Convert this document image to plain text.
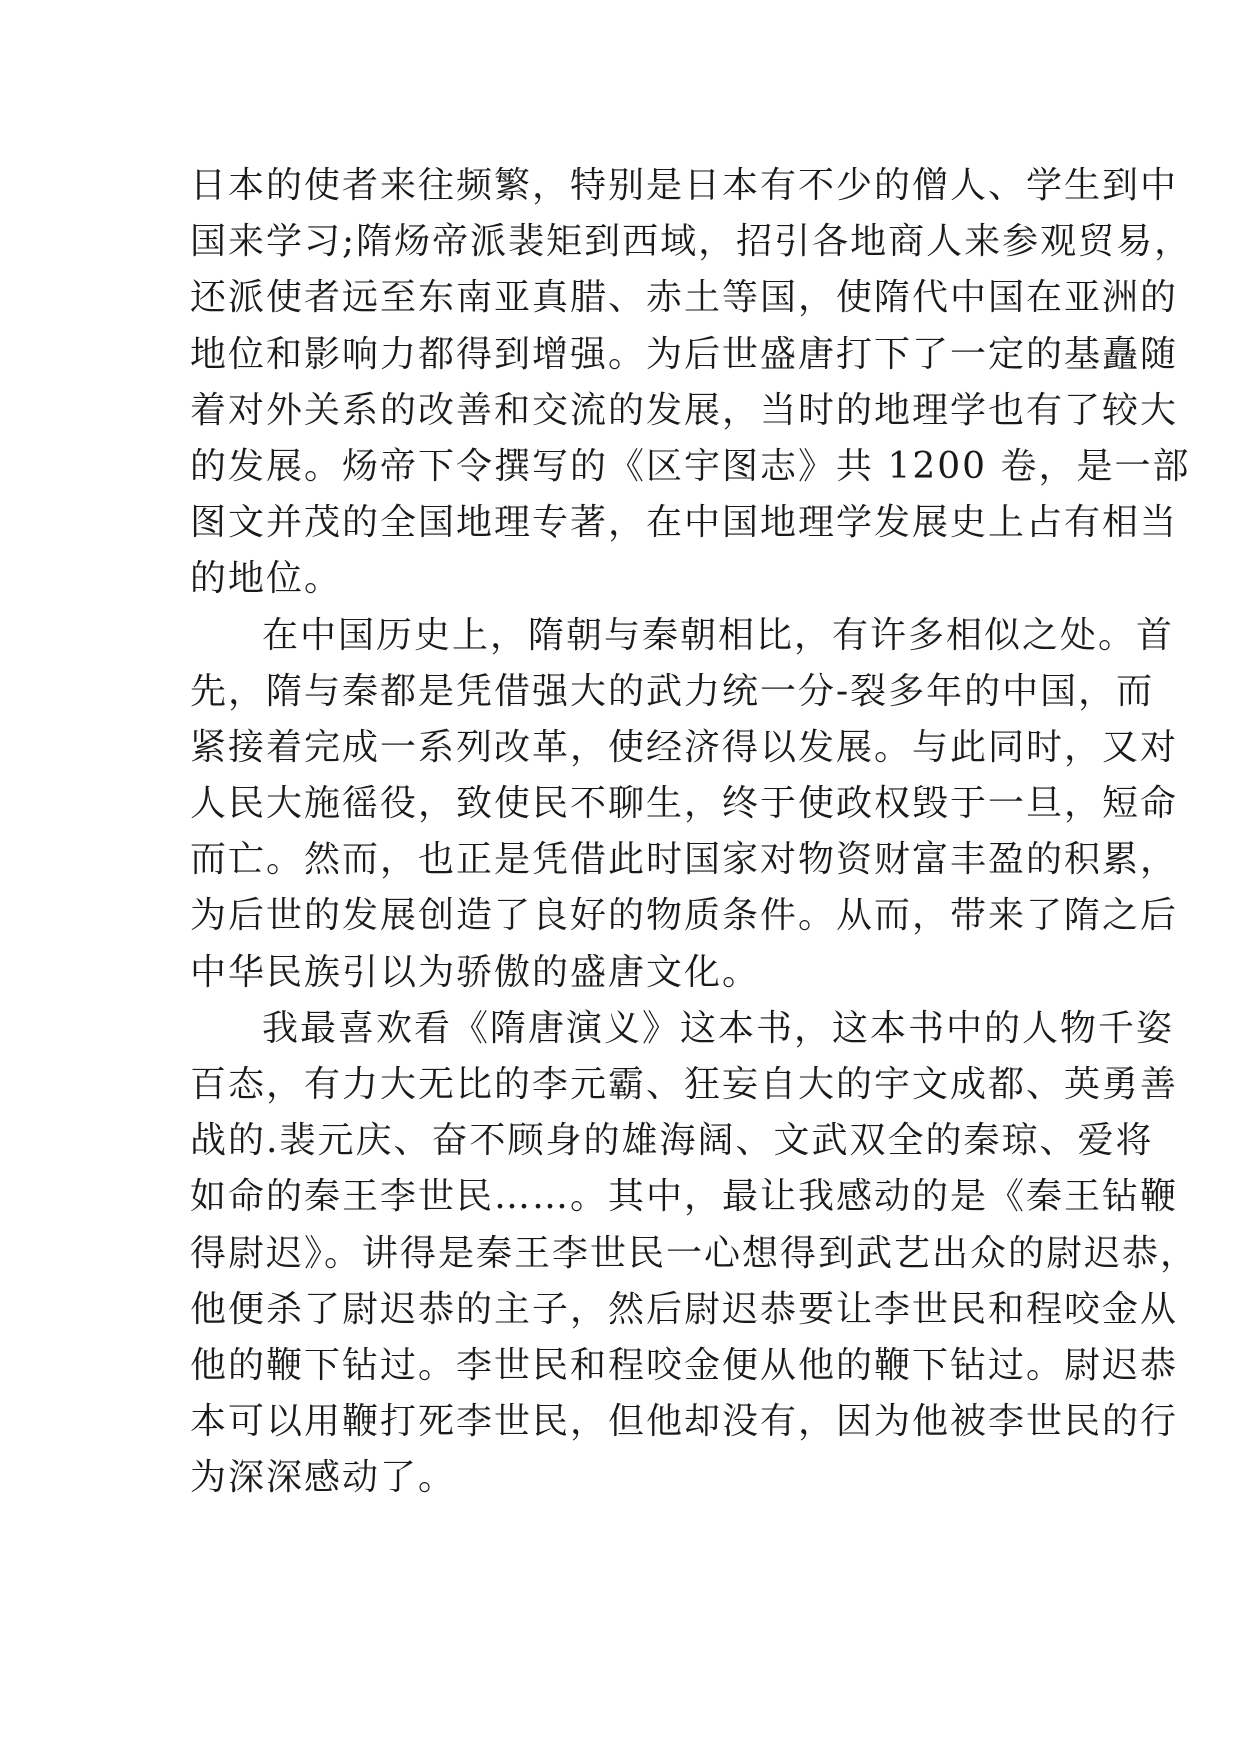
日本的使者来往频繁，特别是日本有不少的僧人、学生到中
国来学习;隋炀帝派裴矩到西域，招引各地商人来参观贸易，
还派使者远至东南亚真腊、赤土等国，使隋代中国在亚洲的
地位和影响力都得到增强。为后世盛唐打下了一定的基矗随
着对外关系的改善和交流的发展，当时的地理学也有了较大
的发展。炀帝下令撰写的《区宇图志》共 1200 卷，是一部
图文并茂的全国地理专著，在中国地理学发展史上占有相当
的地位。
在中国历史上，隋朝与秦朝相比，有许多相似之处。首
先，隋与秦都是凭借强大的武力统一分-裂多年的中国，而
紧接着完成一系列改革，使经济得以发展。与此同时，又对
人民大施徭役，致使民不聊生，终于使政权毁于一旦，短命
而亡。然而，也正是凭借此时国家对物资财富丰盈的积累，
为后世的发展创造了良好的物质条件。从而，带来了隋之后
中华民族引以为骄傲的盛唐文化。
我最喜欢看《隋唐演义》这本书，这本书中的人物千姿
百态，有力大无比的李元霸、狂妄自大的宇文成都、英勇善
战的.裴元庆、奋不顾身的雄海阔、文武双全的秦琼、爱将
如命的秦王李世民……。其中，最让我感动的是《秦王钻鞭
得尉迟》。讲得是秦王李世民一心想得到武艺出众的尉迟恭，
他便杀了尉迟恭的主子，然后尉迟恭要让李世民和程咬金从
他的鞭下钻过。李世民和程咬金便从他的鞭下钻过。尉迟恭
本可以用鞭打死李世民，但他却没有，因为他被李世民的行
为深深感动了。
